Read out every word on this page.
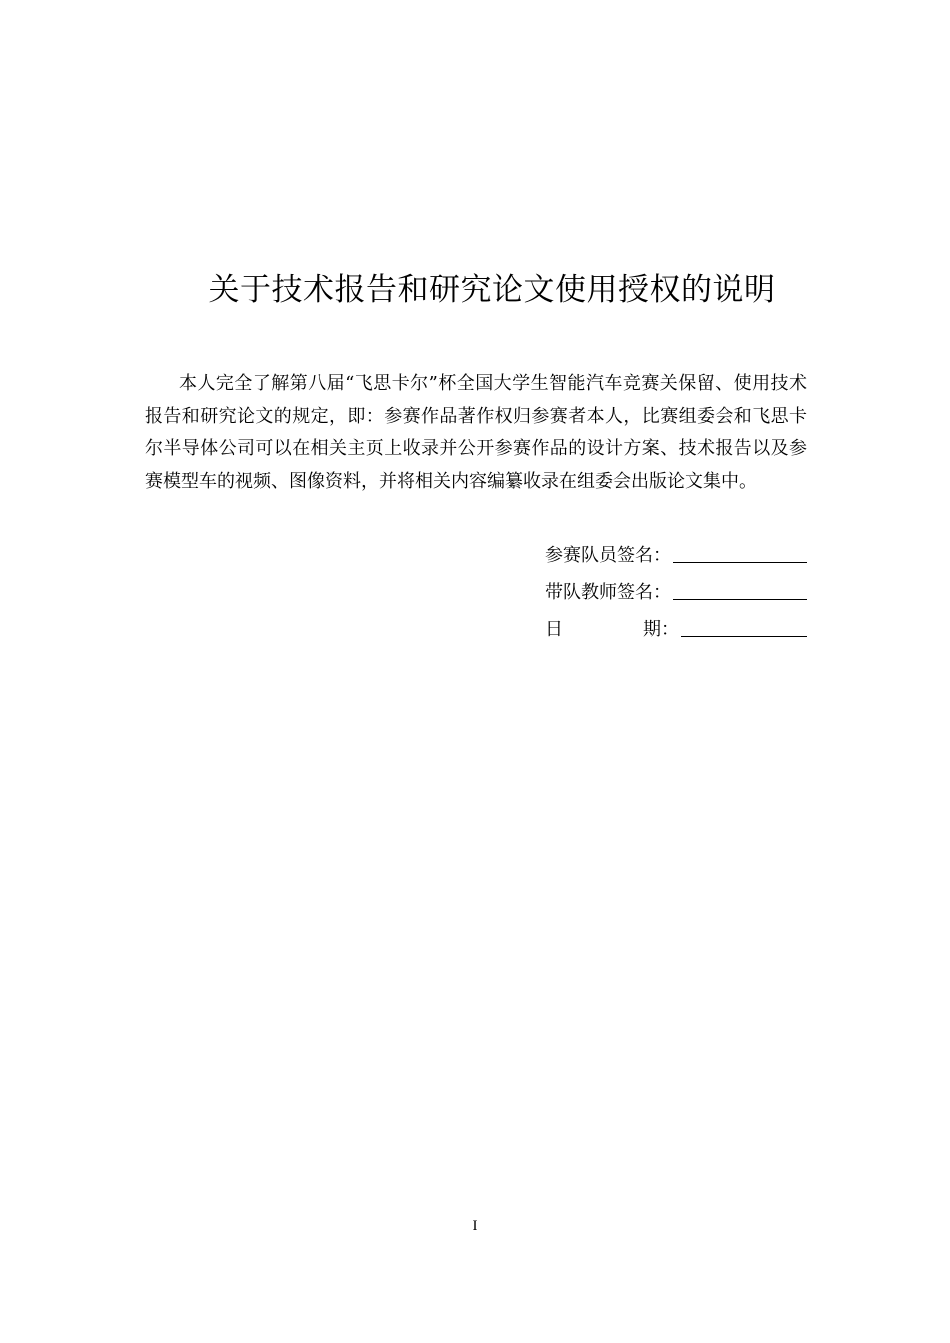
关于技术报告和研究论文使用授权的说明

本人完全了解第八届“飞思卡尔”杯全国大学生智能汽车竞赛关保留、使用技术报告和研究论文的规定，即：参赛作品著作权归参赛者本人，比赛组委会和飞思卡尔半导体公司可以在相关主页上收录并公开参赛作品的设计方案、技术报告以及参赛模型车的视频、图像资料，并将相关内容编纂收录在组委会出版论文集中。

参赛队员签名：
带队教师签名：
日	期：
I
